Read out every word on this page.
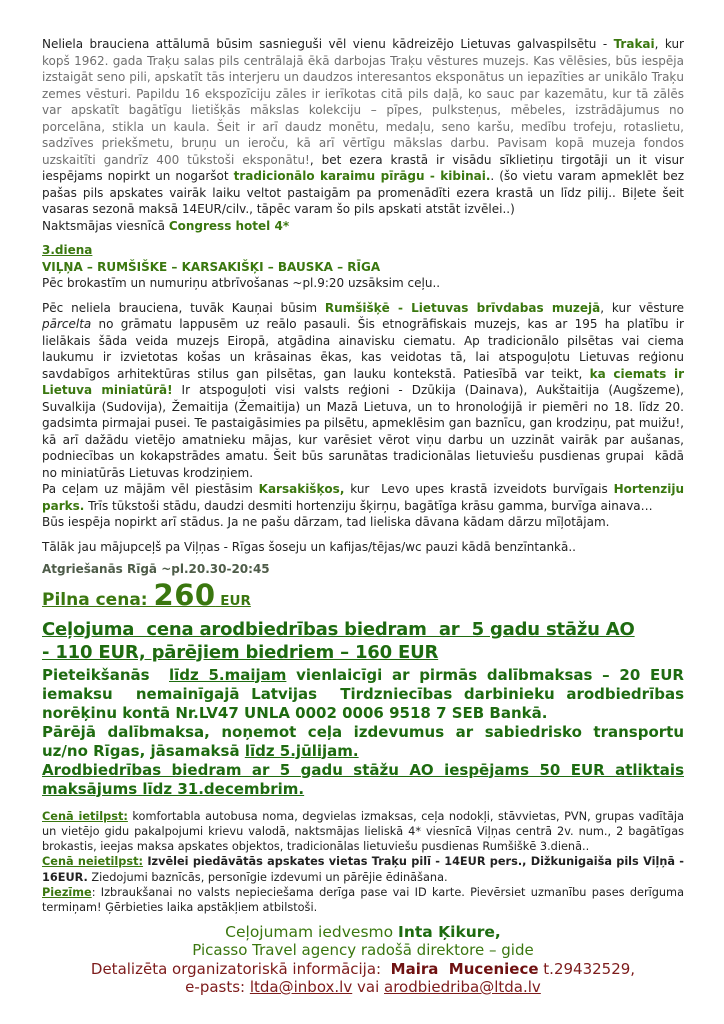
Neliela brauciena attālumā būsim sasnieguši vēl vienu kādreizējo Lietuvas galvaspilsētu - Trakai, kur kopš 1962. gada Traķu salas pils centrālajā ēkā darbojas Traķu vēstures muzejs. Kas vēlēsies, būs iespēja izstaigāt seno pili, apskatīt tās interjeru un daudzos interesantos eksponātus un iepazīties ar unikālo Traķu zemes vēsturi. Papildu 16 ekspozīciju zāles ir ierīkotas citā pils daļā, ko sauc par kazemātu, kur tā zālēs var apskatīt bagātīgu lietišķās mākslas kolekciju – pīpes, pulksteņus, mēbeles, izstrādājumus no porcelāna, stikla un kaula. Šeit ir arī daudz monētu, medaļu, seno karšu, medību trofeju, rotaslietu, sadzīves priekšmetu, bruņu un ieroču, kā arī vērtīgu mākslas darbu. Pavisam kopā muzeja fondos uzskaitīti gandrīz 400 tūkstoši eksponātu!, bet ezera krastā ir visādu sīklietiņu tirgotāji un it visur iespējams nopirkt un nogaršot tradicionālo karaimu pīrāgu - kibinai.. (šo vietu varam apmeklēt bez pašas pils apskates vairāk laiku veltot pastaigām pa promenādīti ezera krastā un līdz pilij.. Biļete šeit vasaras sezonā maksā 14EUR/cilv., tāpēc varam šo pils apskati atstāt izvēlei..)
Naktsmājas viesnīcā Congress hotel 4*
3.diena
VIĻŅA – RUMŠIŠKE – KARSAKIŠĶI – BAUSKA – RĪGA
Pēc brokastīm un numuriņu atbrīvošanas ~pl.9:20 uzsāksim ceļu..
Pēc neliela brauciena, tuvāk Kauņai būsim Rumšišķē - Lietuvas brīvdabas muzejā, kur vēsture pārcelta no grāmatu lappusēm uz reālo pasauli. Šis etnogrāfiskais muzejs, kas ar 195 ha platību ir lielākais šāda veida muzejs Eiropā, atgādina ainavisku ciematu. Ap tradicionālo pilsētas vai ciema laukumu ir izvietotas košas un krāsainas ēkas, kas veidotas tā, lai atspoguļotu Lietuvas reģionu savdabīgos arhitektūras stilus gan pilsētas, gan lauku kontekstā. Patiesībā var teikt, ka ciemats ir Lietuva miniatūrā! Ir atspoguļoti visi valsts reģioni - Dzūkija (Dainava), Aukštaitija (Augšzeme), Suvalkija (Sudovija), Žemaitija (Žemaitija) un Mazā Lietuva, un to hronoloģijā ir piemēri no 18. līdz 20. gadsimta pirmajai pusei. Te pastaigāsimies pa pilsētu, apmeklēsim gan baznīcu, gan krodziņu, pat muižu!, kā arī dažādu vietējo amatnieku mājas, kur varēsiet vērot viņu darbu un uzzināt vairāk par aušanas, podniecības un kokapstrādes amatu. Šeit būs sarunātas tradicionālas lietuviešu pusdienas grupai  kādā no miniatūrās Lietuvas krodziņiem.
Pa ceļam uz mājām vēl piestāsim Karsakišķos, kur  Levo upes krastā izveidots burvīgais Hortenziju parks. Trīs tūkstoši stādu, daudzi desmiti hortenziju šķirņu, bagātīga krāsu gamma, burvīga ainava…
Būs iespēja nopirkt arī stādus. Ja ne pašu dārzam, tad lieliska dāvana kādam dārzu mīļotājam.
Tālāk jau mājupceļš pa Viļņas - Rīgas šoseju un kafijas/tējas/wc pauzi kādā benzīntankā..
Atgriešanās Rīgā ~pl.20.30-20:45
Pilna cena: 260 EUR
Ceļojuma  cena arodbiedrības biedram  ar  5 gadu stāžu AO
- 110 EUR, pārējiem biedriem – 160 EUR
Pieteikšanās  līdz 5.maijam vienlaicīgi ar pirmās dalībmaksas – 20 EUR iemaksu  nemainīgajā Latvijas  Tirdzniecības darbinieku arodbiedrības norēķinu kontā Nr.LV47 UNLA 0002 0006 9518 7 SEB Bankā.
Pārējā dalībmaksa, noņemot ceļa izdevumus ar sabiedrisko transportu uz/no Rīgas, jāsamaksā līdz 5.jūlijam.
Arodbiedrības biedram ar 5 gadu stāžu AO iespējams 50 EUR atliktais maksājums līdz 31.decembrim.
Cenā ietilpst: komfortabla autobusa noma, degvielas izmaksas, ceļa nodokļi, stāvvietas, PVN, grupas vadītāja un vietējo gidu pakalpojumi krievu valodā, naktsmājas lieliskā 4* viesnīcā Viļņas centrā 2v. num., 2 bagātīgas brokastis, ieejas maksa apskates objektos, tradicionālas lietuviešu pusdienas Rumšiškē 3.dienā..
Cenā neietilpst: Izvēlei piedāvātās apskates vietas Traķu pilī - 14EUR pers., Dižkunigaiša pils Viļņā - 16EUR. Ziedojumi baznīcās, personīgie izdevumi un pārējie ēdināšana.
Piezīme: Izbraukšanai no valsts nepieciešama derīga pase vai ID karte. Pievērsiet uzmanību pases derīguma termiņam! Ģērbieties laika apstākļiem atbilstoši.
Ceļojumam iedvesmo Inta Ķikure,
Picasso Travel agency radošā direktore – gide
Detalizēta organizatoriskā informācija:  Maira  Muceniece t.29432529,
e-pasts: ltda@inbox.lv vai arodbiedriba@ltda.lv
